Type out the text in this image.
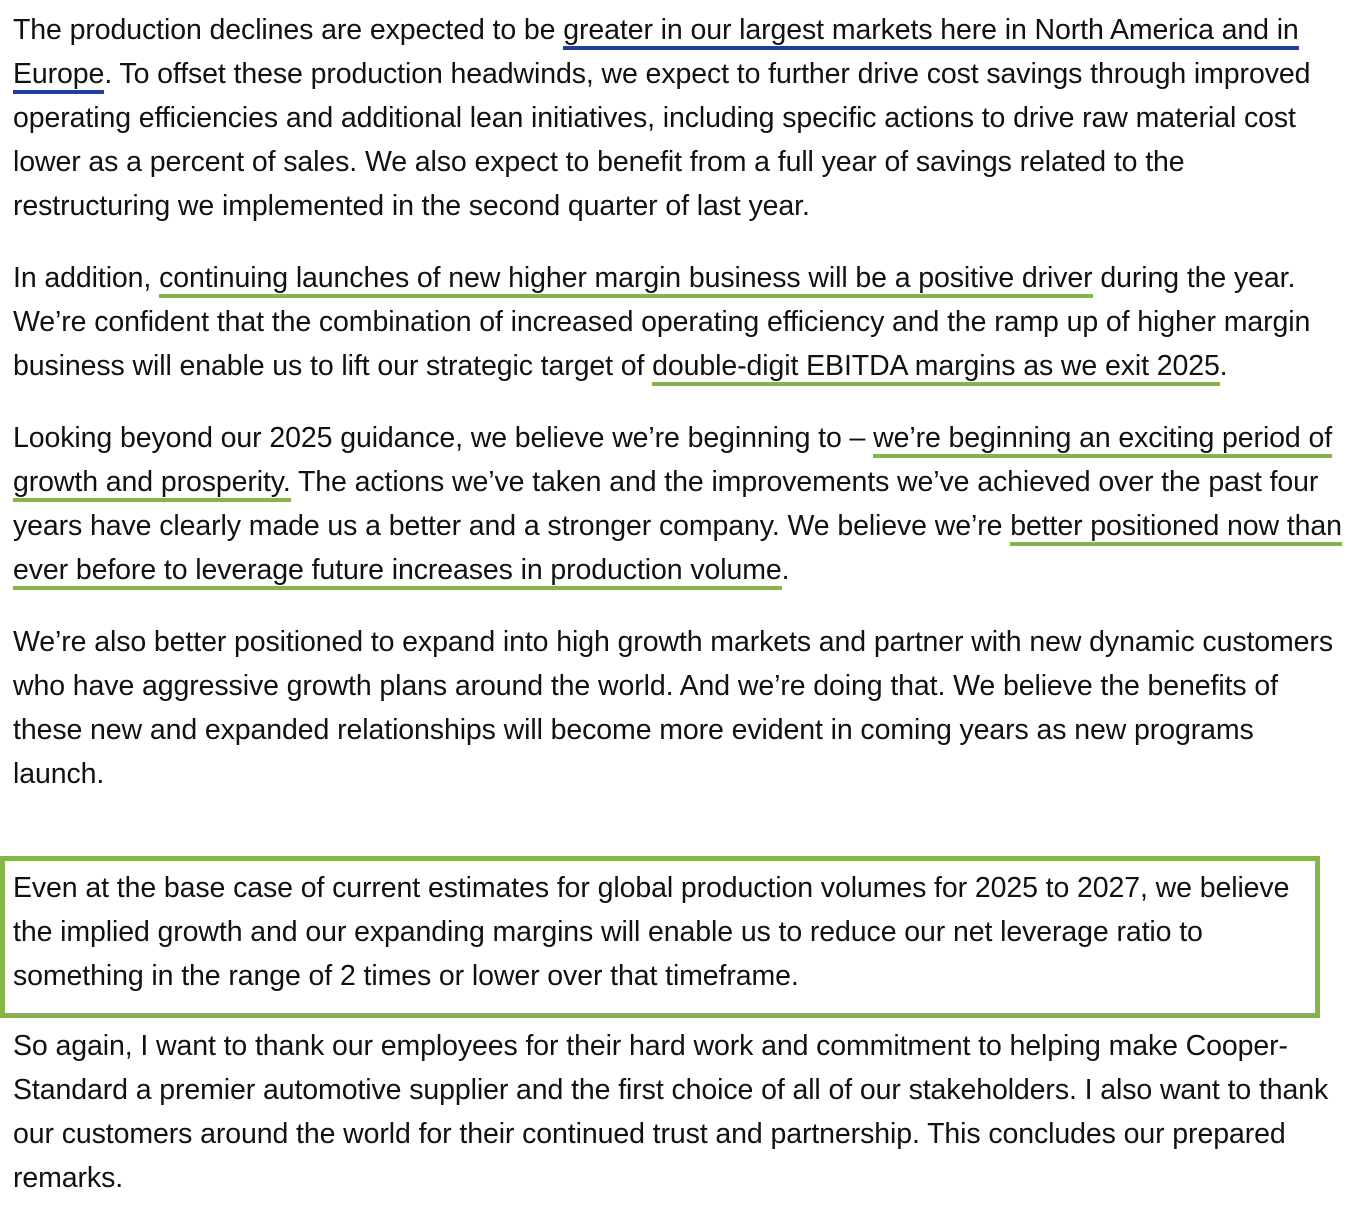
The production declines are expected to be greater in our largest markets here in North America and in Europe. To offset these production headwinds, we expect to further drive cost savings through improved operating efficiencies and additional lean initiatives, including specific actions to drive raw material cost lower as a percent of sales. We also expect to benefit from a full year of savings related to the restructuring we implemented in the second quarter of last year.

In addition, continuing launches of new higher margin business will be a positive driver during the year. We’re confident that the combination of increased operating efficiency and the ramp up of higher margin business will enable us to lift our strategic target of double-digit EBITDA margins as we exit 2025.

Looking beyond our 2025 guidance, we believe we’re beginning to – we’re beginning an exciting period of growth and prosperity. The actions we’ve taken and the improvements we’ve achieved over the past four years have clearly made us a better and a stronger company. We believe we’re better positioned now than ever before to leverage future increases in production volume.

We’re also better positioned to expand into high growth markets and partner with new dynamic customers who have aggressive growth plans around the world. And we’re doing that. We believe the benefits of these new and expanded relationships will become more evident in coming years as new programs launch.

Even at the base case of current estimates for global production volumes for 2025 to 2027, we believe the implied growth and our expanding margins will enable us to reduce our net leverage ratio to something in the range of 2 times or lower over that timeframe.

So again, I want to thank our employees for their hard work and commitment to helping make Cooper-Standard a premier automotive supplier and the first choice of all of our stakeholders. I also want to thank our customers around the world for their continued trust and partnership. This concludes our prepared remarks.
